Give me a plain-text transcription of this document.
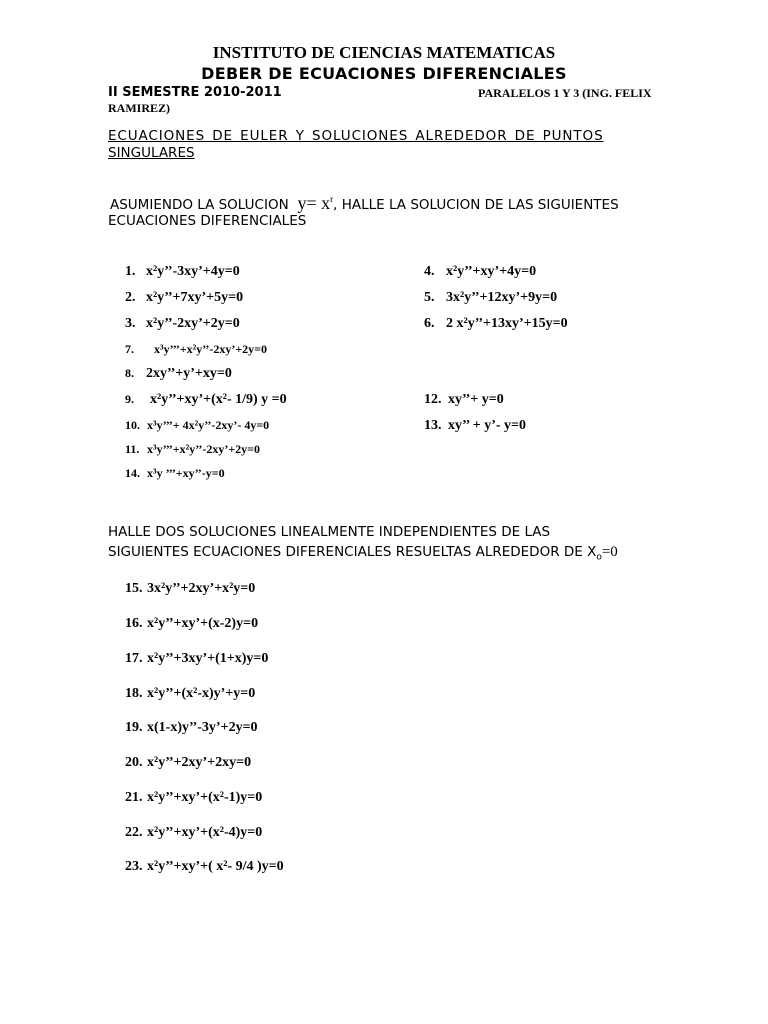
INSTITUTO DE CIENCIAS MATEMATICAS
DEBER DE ECUACIONES DIFERENCIALES
II SEMESTRE 2010-2011	PARALELOS 1 Y 3 (ING. FELIX
RAMIREZ)
ECUACIONES DE EULER Y SOLUCIONES ALREDEDOR DE PUNTOS
SINGULARES
ASUMIENDO LA SOLUCION $y= x^r$, HALLE LA SOLUCION DE LAS SIGUIENTES
ECUACIONES DIFERENCIALES
1. x²y’’-3xy’+4y=0
2. x²y’’+7xy’+5y=0
3. x²y’’-2xy’+2y=0
7. x³y’’’+x²y’’-2xy’+2y=0
8. 2xy’’+y’+xy=0
9. x²y’’+xy’+(x²- 1/9) y =0
10. x³y’’’+ 4x²y’’-2xy’- 4y=0
11. x³y’’’+x²y’’-2xy’+2y=0
14. x³y ’’’+xy’’-y=0
4. x²y’’+xy’+4y=0
5. 3x²y’’+12xy’+9y=0
6. 2 x²y’’+13xy’+15y=0
12. xy’’+ y=0
13. xy’’ + y’- y=0
HALLE DOS SOLUCIONES LINEALMENTE INDEPENDIENTES DE LAS
SIGUIENTES ECUACIONES DIFERENCIALES RESUELTAS ALREDEDOR DE $X_o=0$
15. 3x²y’’+2xy’+x²y=0
16. x²y’’+xy’+(x-2)y=0
17. x²y’’+3xy’+(1+x)y=0
18. x²y’’+(x²-x)y’+y=0
19. x(1-x)y’’-3y’+2y=0
20. x²y’’+2xy’+2xy=0
21. x²y’’+xy’+(x²-1)y=0
22. x²y’’+xy’+(x²-4)y=0
23. x²y’’+xy’+( x²- 9/4 )y=0
